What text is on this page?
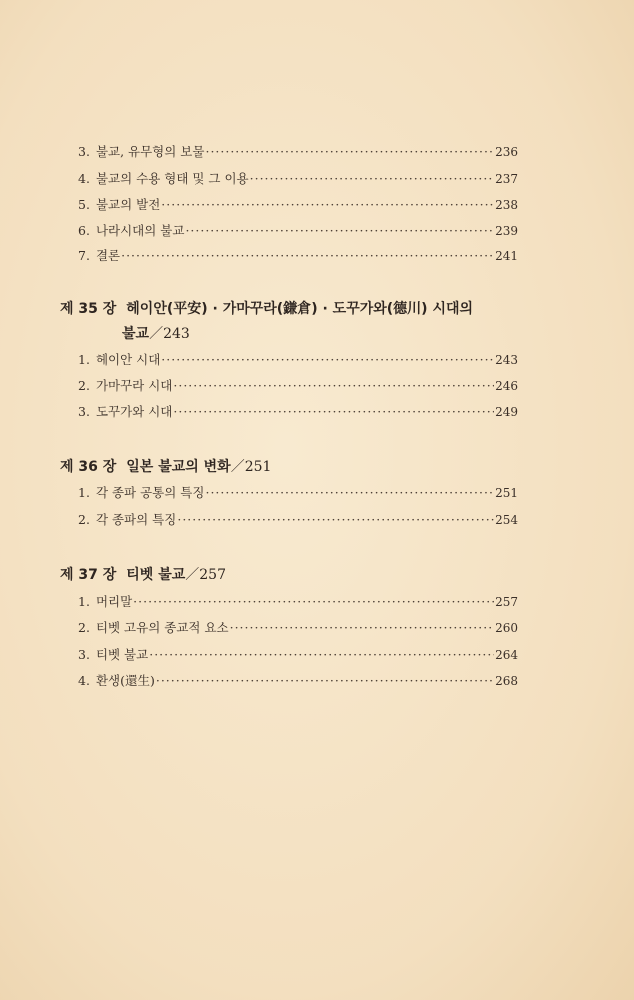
3. 불교, 유무형의 보물 ·····	236
4. 불교의 수용 형태 및 그 이용 ·····	237
5. 불교의 발전 ·····	238
6. 나라시대의 불교 ·····	239
7. 결론 ·····	241
제 35 장 헤이안(平安) · 가마꾸라(鎌倉) · 도꾸가와(德川) 시대의
불교／243
1. 헤이안 시대 ·····	243
2. 가마꾸라 시대 ·····	246
3. 도꾸가와 시대 ·····	249
제 36 장 일본 불교의 변화／251
1. 각 종파 공통의 특징 ·····	251
2. 각 종파의 특징 ·····	254
제 37 장 티벳 불교／257
1. 머리말 ·····	257
2. 티벳 고유의 종교적 요소 ·····	260
3. 티벳 불교 ·····	264
4. 환생(還生) ·····	268
